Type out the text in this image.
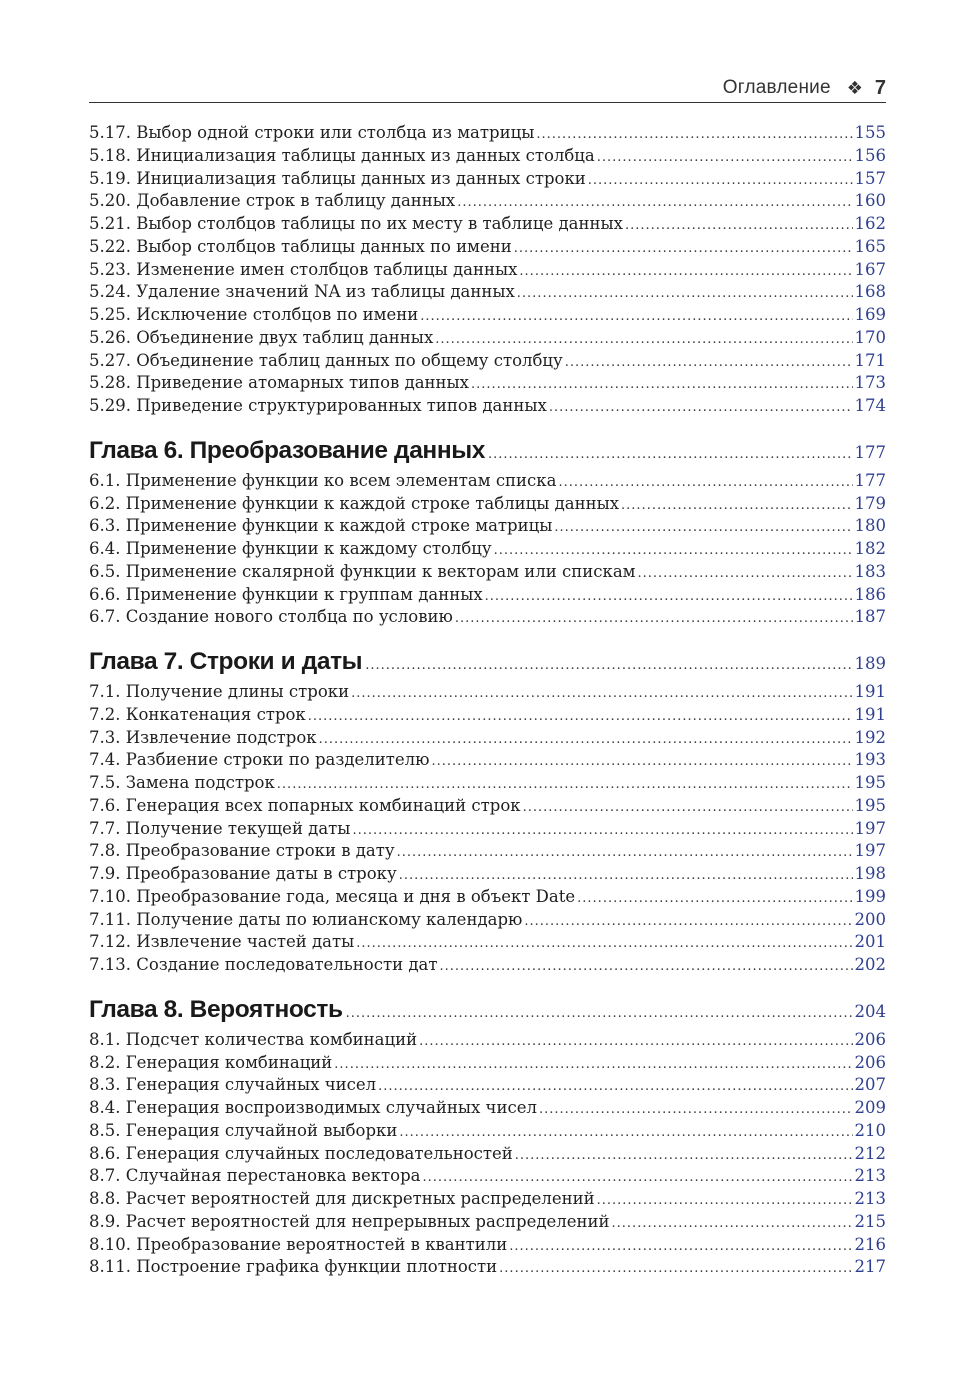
Оглавление ❖ 7
5.17. Выбор одной строки или столбца из матрицы .....	155
5.18. Инициализация таблицы данных из данных столбца .....	156
5.19. Инициализация таблицы данных из данных строки .....	157
5.20. Добавление строк в таблицу данных .....	160
5.21. Выбор столбцов таблицы по их месту в таблице данных .....	162
5.22. Выбор столбцов таблицы данных по имени .....	165
5.23. Изменение имен столбцов таблицы данных .....	167
5.24. Удаление значений NA из таблицы данных .....	168
5.25. Исключение столбцов по имени .....	169
5.26. Объединение двух таблиц данных .....	170
5.27. Объединение таблиц данных по общему столбцу .....	171
5.28. Приведение атомарных типов данных .....	173
5.29. Приведение структурированных типов данных .....	174
Глава 6. Преобразование данных .....	177
6.1. Применение функции ко всем элементам списка .....	177
6.2. Применение функции к каждой строке таблицы данных .....	179
6.3. Применение функции к каждой строке матрицы .....	180
6.4. Применение функции к каждому столбцу .....	182
6.5. Применение скалярной функции к векторам или спискам .....	183
6.6. Применение функции к группам данных .....	186
6.7. Создание нового столбца по условию .....	187
Глава 7. Строки и даты .....	189
7.1. Получение длины строки .....	191
7.2. Конкатенация строк .....	191
7.3. Извлечение подстрок .....	192
7.4. Разбиение строки по разделителю .....	193
7.5. Замена подстрок .....	195
7.6. Генерация всех попарных комбинаций строк .....	195
7.7. Получение текущей даты .....	197
7.8. Преобразование строки в дату .....	197
7.9. Преобразование даты в строку .....	198
7.10. Преобразование года, месяца и дня в объект Date .....	199
7.11. Получение даты по юлианскому календарю .....	200
7.12. Извлечение частей даты .....	201
7.13. Создание последовательности дат .....	202
Глава 8. Вероятность .....	204
8.1. Подсчет количества комбинаций .....	206
8.2. Генерация комбинаций .....	206
8.3. Генерация случайных чисел .....	207
8.4. Генерация воспроизводимых случайных чисел .....	209
8.5. Генерация случайной выборки .....	210
8.6. Генерация случайных последовательностей .....	212
8.7. Случайная перестановка вектора .....	213
8.8. Расчет вероятностей для дискретных распределений .....	213
8.9. Расчет вероятностей для непрерывных распределений .....	215
8.10. Преобразование вероятностей в квантили .....	216
8.11. Построение графика функции плотности .....	217
